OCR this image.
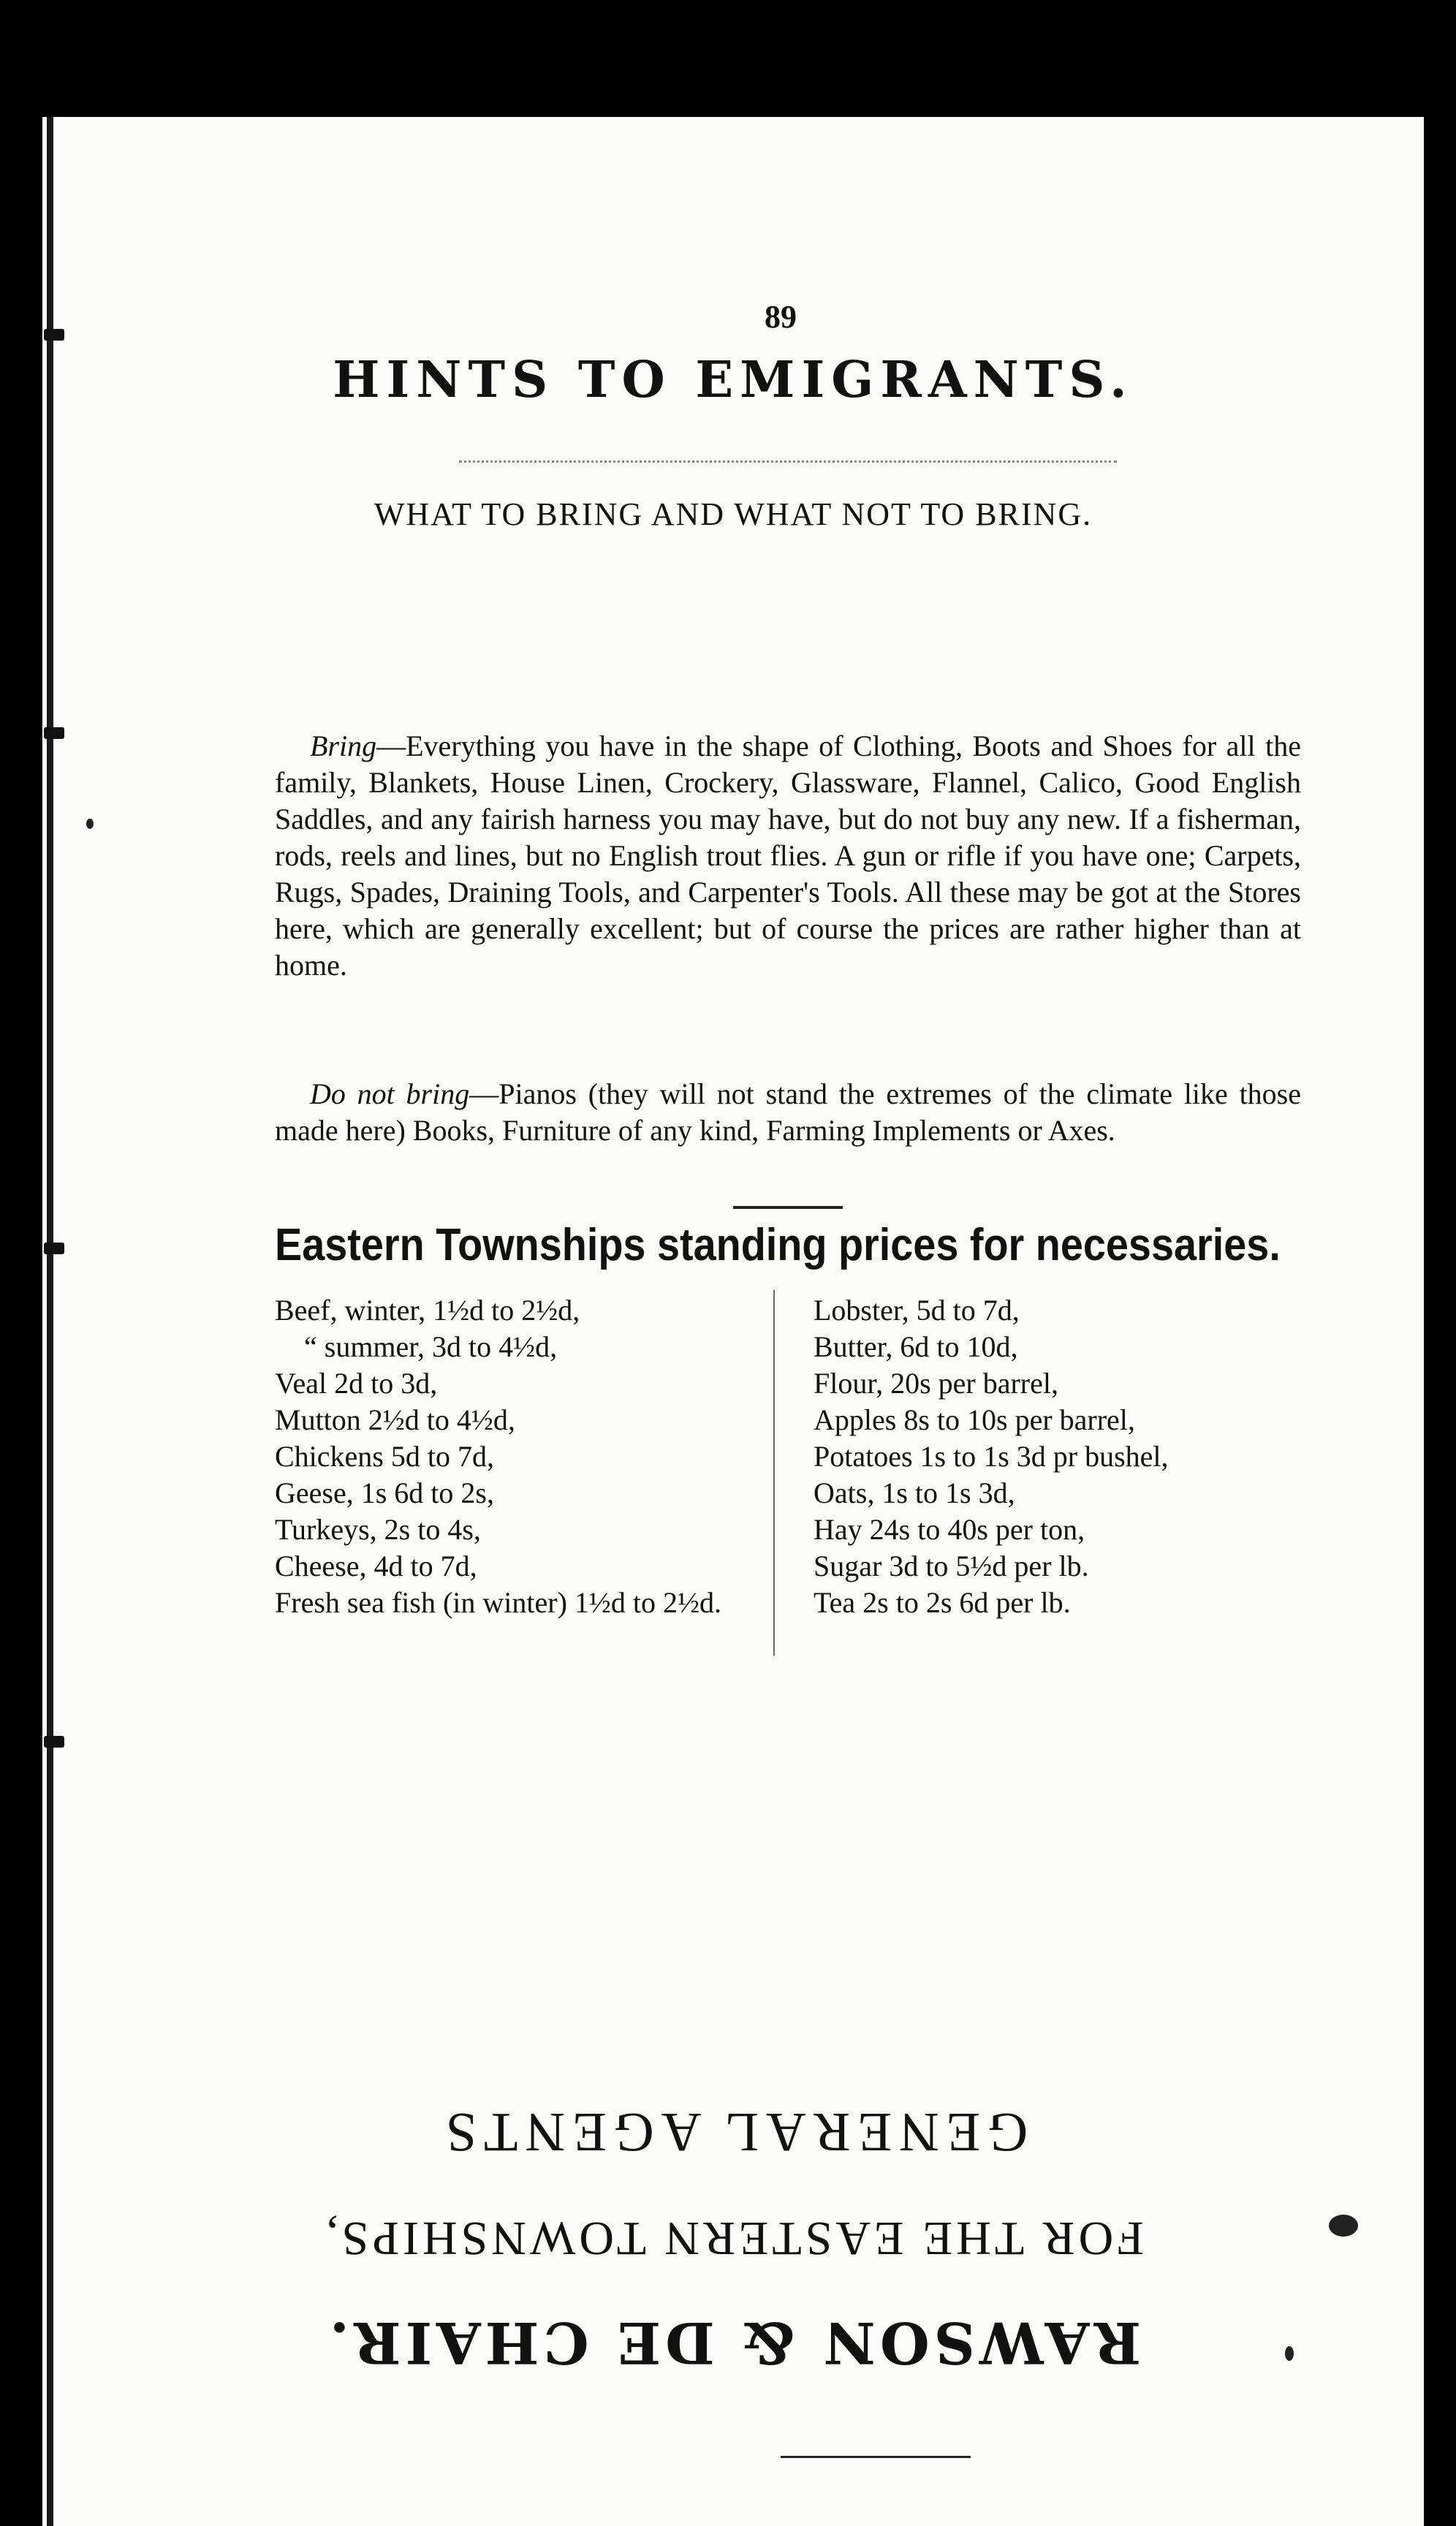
89
HINTS TO EMIGRANTS.
WHAT TO BRING AND WHAT NOT TO BRING.

Bring—Everything you have in the shape of Clothing, Boots and Shoes for all the family, Blankets, House Linen, Crockery, Glassware, Flannel, Calico, Good English Saddles, and any fairish harness you may have, but do not buy any new. If a fisherman, rods, reels and lines, but no English trout flies. A gun or rifle if you have one; Carpets, Rugs, Spades, Draining Tools, and Carpenter's Tools. All these may be got at the Stores here, which are generally excellent; but of course the prices are rather higher than at home.

Do not bring—Pianos (they will not stand the extremes of the climate like those made here) Books, Furniture of any kind, Farming Implements or Axes.

Eastern Townships standing prices for necessaries.
Beef, winter, 1½d to 2½d,
“ summer, 3d to 4½d,
Veal 2d to 3d,
Mutton 2½d to 4½d,
Chickens 5d to 7d,
Geese, 1s 6d to 2s,
Turkeys, 2s to 4s,
Cheese, 4d to 7d,
Fresh sea fish (in winter) 1½d to 2½d.
Lobster, 5d to 7d,
Butter, 6d to 10d,
Flour, 20s per barrel,
Apples 8s to 10s per barrel,
Potatoes 1s to 1s 3d pr bushel,
Oats, 1s to 1s 3d,
Hay 24s to 40s per ton,
Sugar 3d to 5½d per lb.
Tea 2s to 2s 6d per lb.
RAWSON & DE CHAIR.
FOR THE EASTERN TOWNSHIPS,
GENERAL AGENTS
